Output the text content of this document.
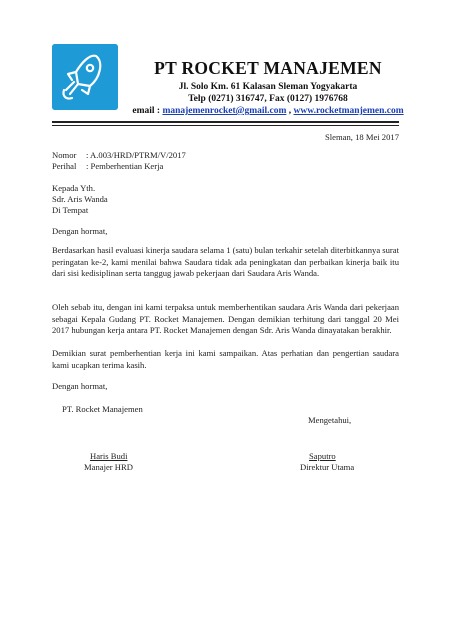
PT ROCKET MANAJEMEN
Jl. Solo Km. 61 Kalasan Sleman Yogyakarta
Telp (0271) 316747, Fax (0127) 1976768
email : manajemenrocket@gmail.com , www.rocketmanjemen.com
Sleman, 18 Mei 2017
Nomor : A.003/HRD/PTRM/V/2017
Perihal : Pemberhentian Kerja
Kepada Yth.
Sdr. Aris Wanda
Di Tempat
Dengan hormat,
Berdasarkan hasil evaluasi kinerja saudara selama 1 (satu) bulan terkahir setelah diterbitkannya surat peringatan ke-2, kami menilai bahwa Saudara tidak ada peningkatan dan perbaikan kinerja baik itu dari sisi kedisiplinan serta tanggug jawab pekerjaan dari Saudara Aris Wanda.
Oleh sebab itu, dengan ini kami terpaksa untuk memberhentikan saudara Aris Wanda dari pekerjaan sebagai Kepala Gudang PT. Rocket Manajemen. Dengan demikian terhitung dari tanggal 20 Mei 2017 hubungan kerja antara PT. Rocket Manajemen dengan Sdr. Aris Wanda dinayatakan berakhir.
Demikian surat pemberhentian kerja ini kami sampaikan. Atas perhatian dan pengertian saudara kami ucapkan terima kasih.
Dengan hormat,
PT. Rocket Manajemen
Mengetahui,
Haris Budi
Manajer HRD
Saputro
Direktur Utama
